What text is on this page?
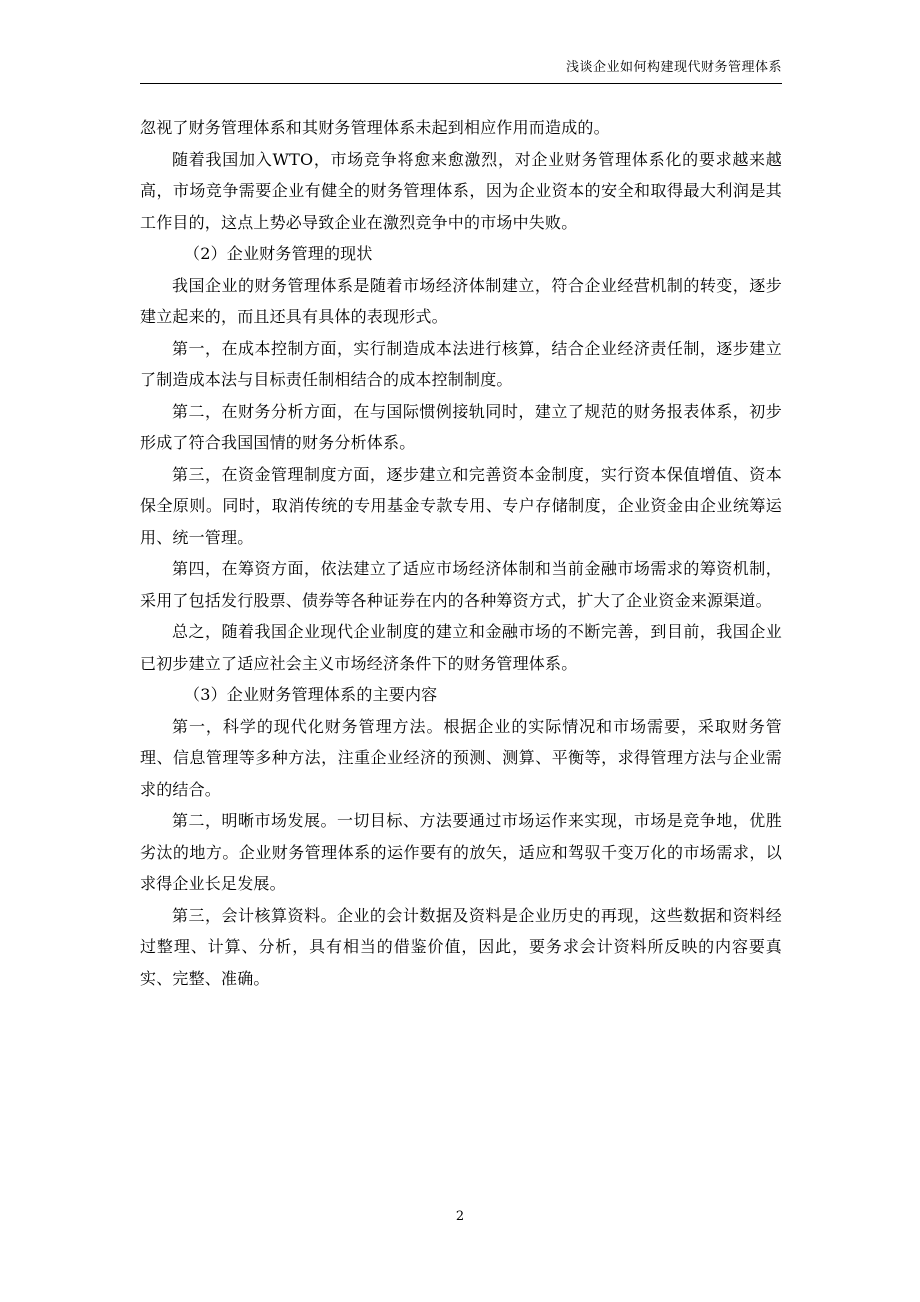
浅谈企业如何构建现代财务管理体系

忽视了财务管理体系和其财务管理体系未起到相应作用而造成的。

随着我国加入WTO，市场竞争将愈来愈激烈，对企业财务管理体系化的要求越来越高，市场竞争需要企业有健全的财务管理体系，因为企业资本的安全和取得最大利润是其工作目的，这点上势必导致企业在激烈竞争中的市场中失败。

（2）企业财务管理的现状

我国企业的财务管理体系是随着市场经济体制建立，符合企业经营机制的转变，逐步建立起来的，而且还具有具体的表现形式。

第一，在成本控制方面，实行制造成本法进行核算，结合企业经济责任制，逐步建立了制造成本法与目标责任制相结合的成本控制制度。

第二，在财务分析方面，在与国际惯例接轨同时，建立了规范的财务报表体系，初步形成了符合我国国情的财务分析体系。

第三，在资金管理制度方面，逐步建立和完善资本金制度，实行资本保值增值、资本保全原则。同时，取消传统的专用基金专款专用、专户存储制度，企业资金由企业统筹运用、统一管理。

第四，在筹资方面，依法建立了适应市场经济体制和当前金融市场需求的筹资机制，采用了包括发行股票、债券等各种证券在内的各种筹资方式，扩大了企业资金来源渠道。

总之，随着我国企业现代企业制度的建立和金融市场的不断完善，到目前，我国企业已初步建立了适应社会主义市场经济条件下的财务管理体系。

（3）企业财务管理体系的主要内容

第一，科学的现代化财务管理方法。根据企业的实际情况和市场需要，采取财务管理、信息管理等多种方法，注重企业经济的预测、测算、平衡等，求得管理方法与企业需求的结合。

第二，明晰市场发展。一切目标、方法要通过市场运作来实现，市场是竞争地，优胜劣汰的地方。企业财务管理体系的运作要有的放矢，适应和驾驭千变万化的市场需求，以求得企业长足发展。

第三，会计核算资料。企业的会计数据及资料是企业历史的再现，这些数据和资料经过整理、计算、分析，具有相当的借鉴价值，因此，要务求会计资料所反映的内容要真实、完整、准确。

2
